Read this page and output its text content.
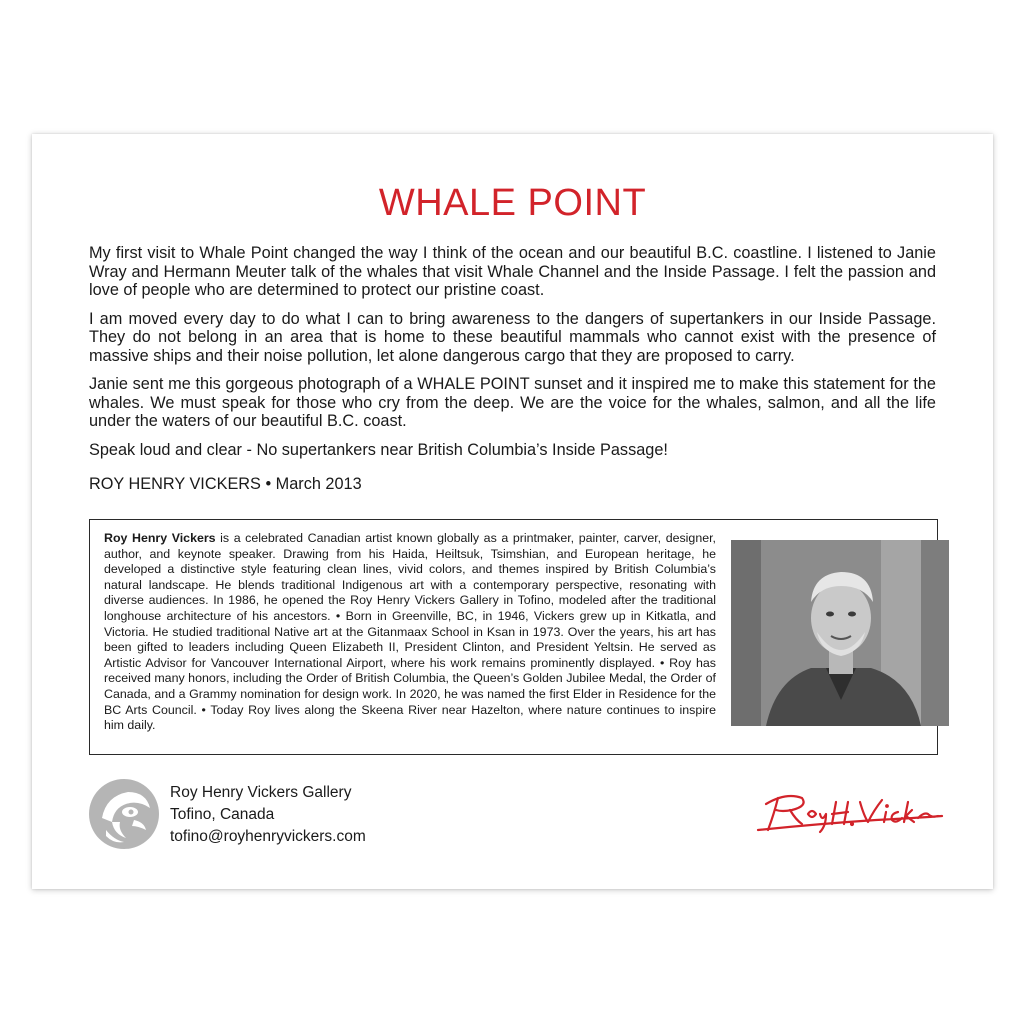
WHALE POINT

My first visit to Whale Point changed the way I think of the ocean and our beautiful B.C. coastline. I listened to Janie Wray and Hermann Meuter talk of the whales that visit Whale Channel and the Inside Passage. I felt the passion and love of people who are determined to protect our pristine coast.

I am moved every day to do what I can to bring awareness to the dangers of supertankers in our Inside Passage. They do not belong in an area that is home to these beautiful mammals who cannot exist with the presence of massive ships and their noise pollution, let alone dangerous cargo that they are proposed to carry.

Janie sent me this gorgeous photograph of a WHALE POINT sunset and it inspired me to make this statement for the whales. We must speak for those who cry from the deep. We are the voice for the whales, salmon, and all the life under the waters of our beautiful B.C. coast.

Speak loud and clear - No supertankers near British Columbia’s Inside Passage!

ROY HENRY VICKERS • March 2013

Roy Henry Vickers is a celebrated Canadian artist known globally as a printmaker, painter, carver, designer, author, and keynote speaker. Drawing from his Haida, Heiltsuk, Tsimshian, and European heritage, he developed a distinctive style featuring clean lines, vivid colors, and themes inspired by British Columbia’s natural landscape. He blends traditional Indigenous art with a contemporary perspective, resonating with diverse audiences. In 1986, he opened the Roy Henry Vickers Gallery in Tofino, modeled after the traditional longhouse architecture of his ancestors. • Born in Greenville, BC, in 1946, Vickers grew up in Kitkatla, and Victoria. He studied traditional Native art at the Gitanmaax School in Ksan in 1973. Over the years, his art has been gifted to leaders including Queen Elizabeth II, President Clinton, and President Yeltsin. He served as Artistic Advisor for Vancouver International Airport, where his work remains prominently displayed. • Roy has received many honors, including the Order of British Columbia, the Queen’s Golden Jubilee Medal, the Order of Canada, and a Grammy nomination for design work. In 2020, he was named the first Elder in Residence for the BC Arts Council. • Today Roy lives along the Skeena River near Hazelton, where nature continues to inspire him daily.
Roy Henry Vickers Gallery
Tofino, Canada
tofino@royhenryvickers.com
